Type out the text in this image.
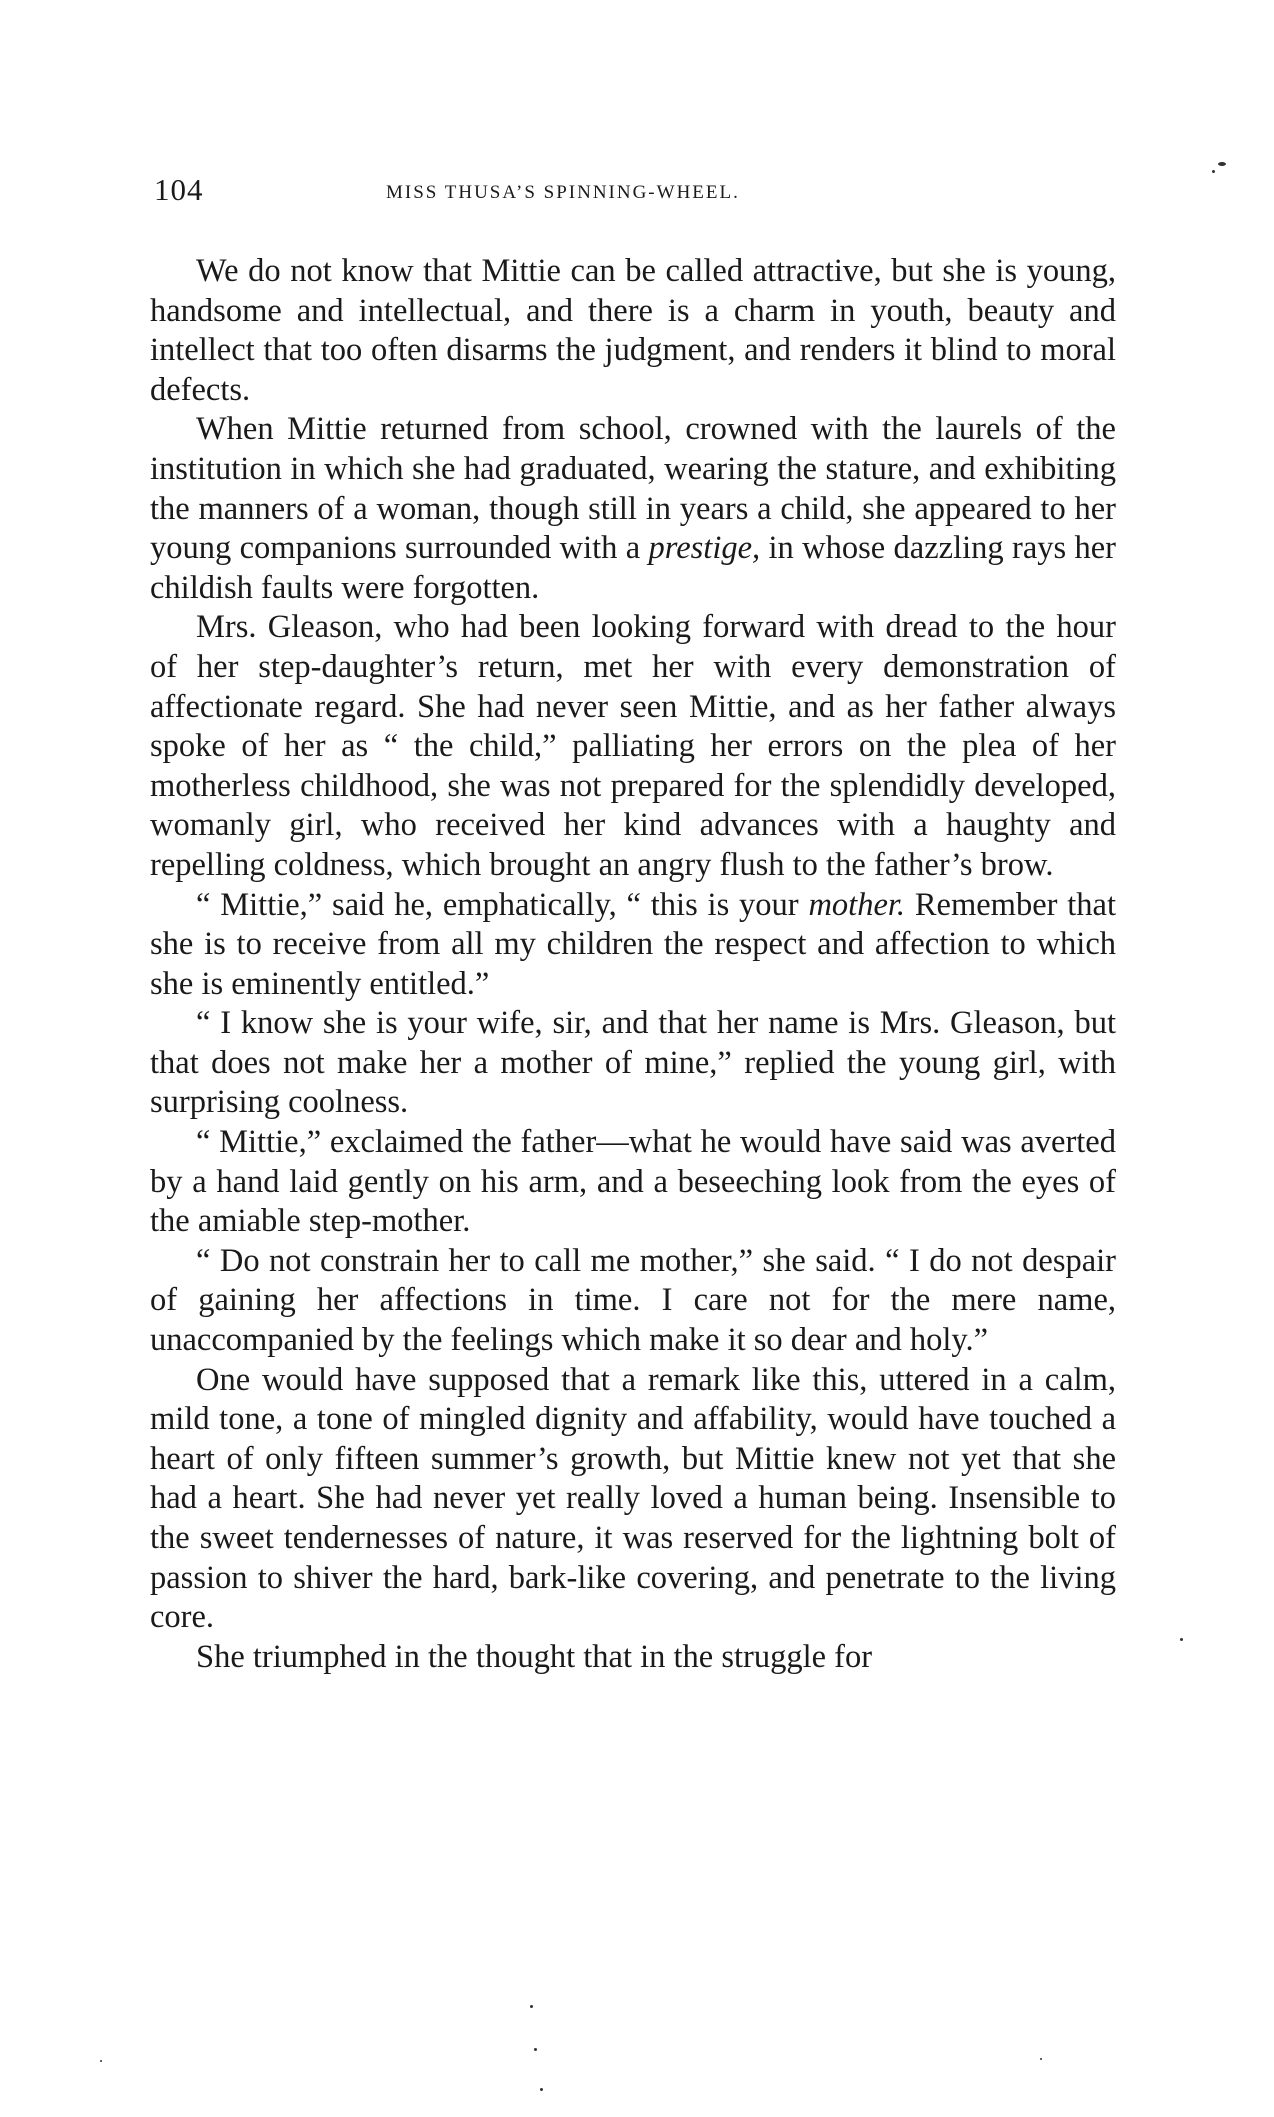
104	MISS THUSA’S SPINNING-WHEEL.

We do not know that Mittie can be called attractive, but she is young, handsome and intellectual, and there is a charm in youth, beauty and intellect that too often disarms the judgment, and renders it blind to moral defects.

When Mittie returned from school, crowned with the laurels of the institution in which she had graduated, wearing the stature, and exhibiting the manners of a woman, though still in years a child, she appeared to her young companions surrounded with a prestige, in whose dazzling rays her childish faults were forgotten.

Mrs. Gleason, who had been looking forward with dread to the hour of her step-daughter’s return, met her with every demonstration of affectionate regard. She had never seen Mittie, and as her father always spoke of her as “ the child,” palliating her errors on the plea of her motherless childhood, she was not prepared for the splendidly developed, womanly girl, who received her kind advances with a haughty and repelling coldness, which brought an angry flush to the father’s brow.

“ Mittie,” said he, emphatically, “ this is your mother. Remember that she is to receive from all my children the respect and affection to which she is eminently entitled.”

“ I know she is your wife, sir, and that her name is Mrs. Gleason, but that does not make her a mother of mine,” replied the young girl, with surprising coolness.

“ Mittie,” exclaimed the father—what he would have said was averted by a hand laid gently on his arm, and a beseeching look from the eyes of the amiable step-mother.

“ Do not constrain her to call me mother,” she said. “ I do not despair of gaining her affections in time. I care not for the mere name, unaccompanied by the feelings which make it so dear and holy.”

One would have supposed that a remark like this, uttered in a calm, mild tone, a tone of mingled dignity and affability, would have touched a heart of only fifteen summer’s growth, but Mittie knew not yet that she had a heart. She had never yet really loved a human being. Insensible to the sweet tendernesses of nature, it was reserved for the lightning bolt of passion to shiver the hard, bark-like covering, and penetrate to the living core.

She triumphed in the thought that in the struggle for
